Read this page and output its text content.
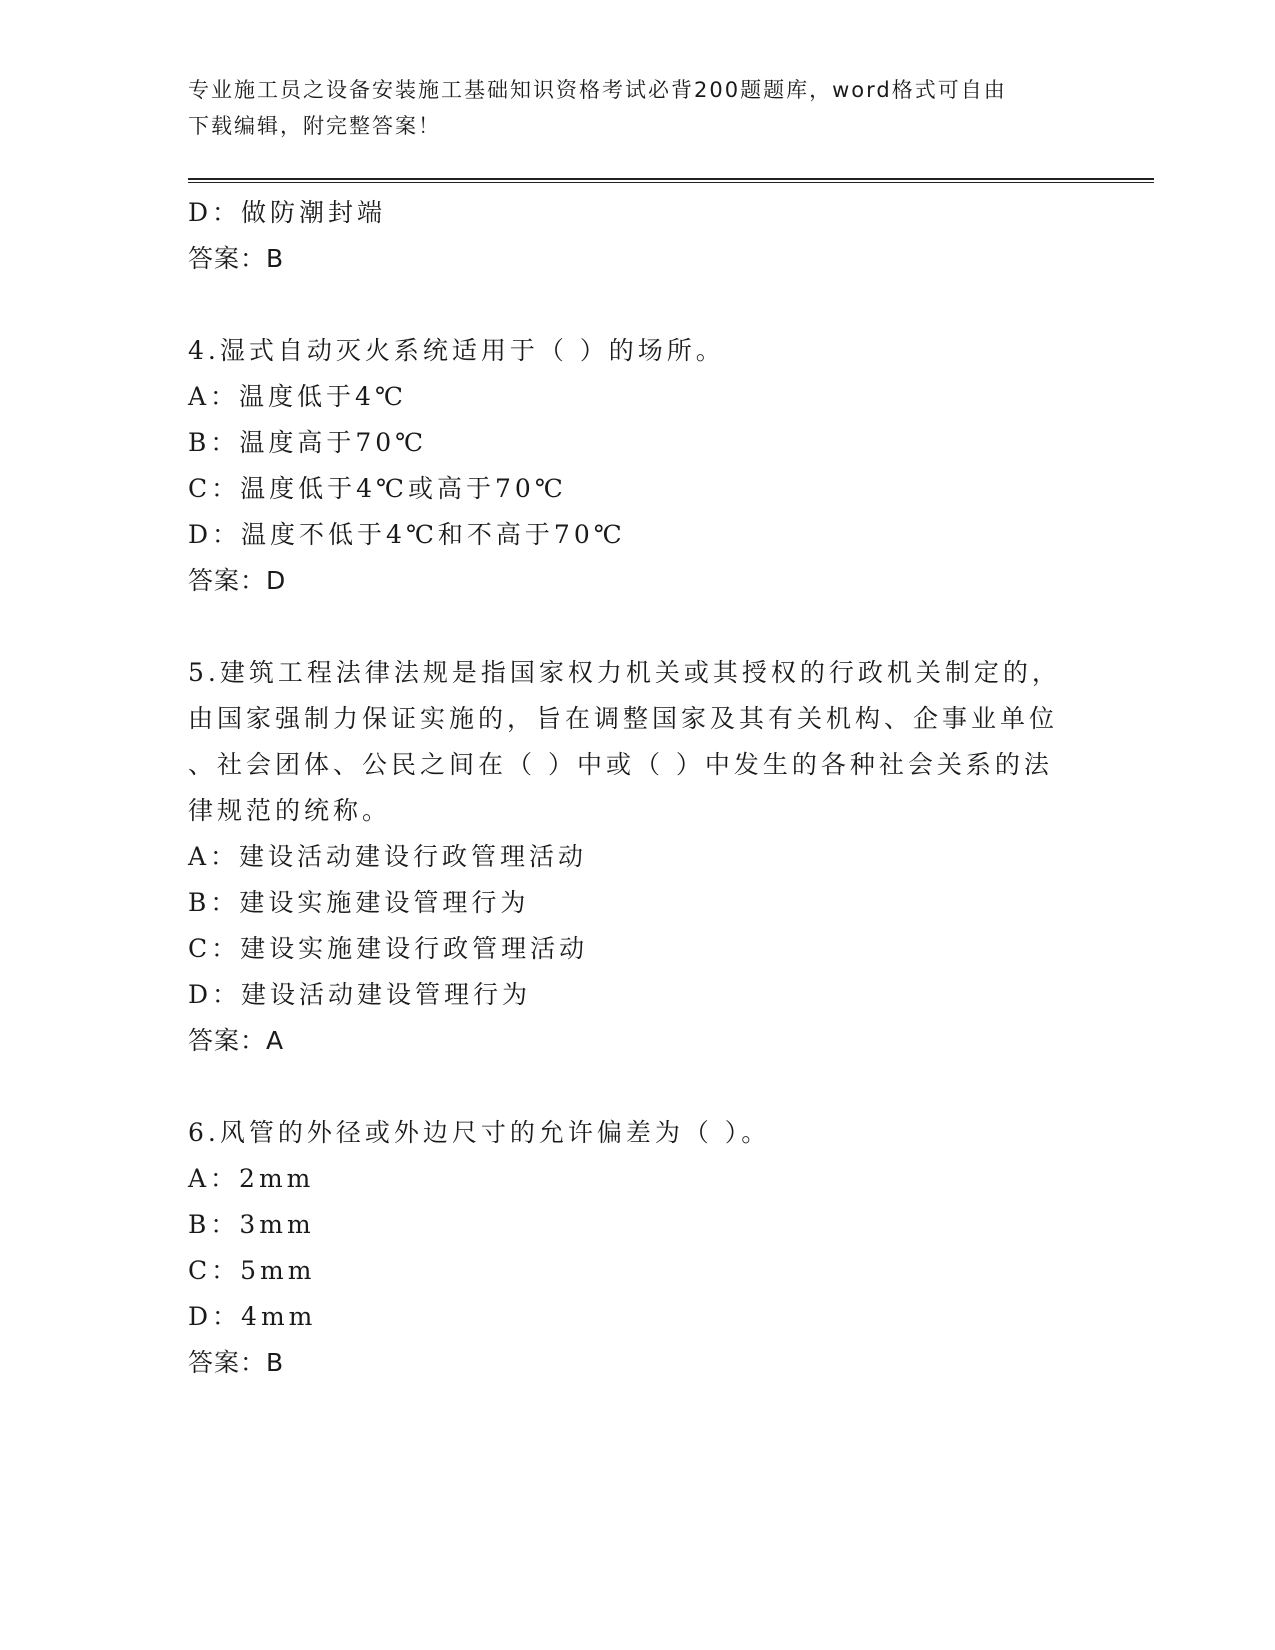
专业施工员之设备安装施工基础知识资格考试必背200题题库，word格式可自由
下载编辑，附完整答案！
D：做防潮封端
答案：B
4.湿式自动灭火系统适用于（ ）的场所。
A：温度低于4℃
B：温度高于70℃
C：温度低于4℃或高于70℃
D：温度不低于4℃和不高于70℃
答案：D
5.建筑工程法律法规是指国家权力机关或其授权的行政机关制定的，
由国家强制力保证实施的，旨在调整国家及其有关机构、企事业单位
、社会团体、公民之间在（ ）中或（ ）中发生的各种社会关系的法
律规范的统称。
A：建设活动建设行政管理活动
B：建设实施建设管理行为
C：建设实施建设行政管理活动
D：建设活动建设管理行为
答案：A
6.风管的外径或外边尺寸的允许偏差为（ ）。
A：2mm
B：3mm
C：5mm
D：4mm
答案：B
